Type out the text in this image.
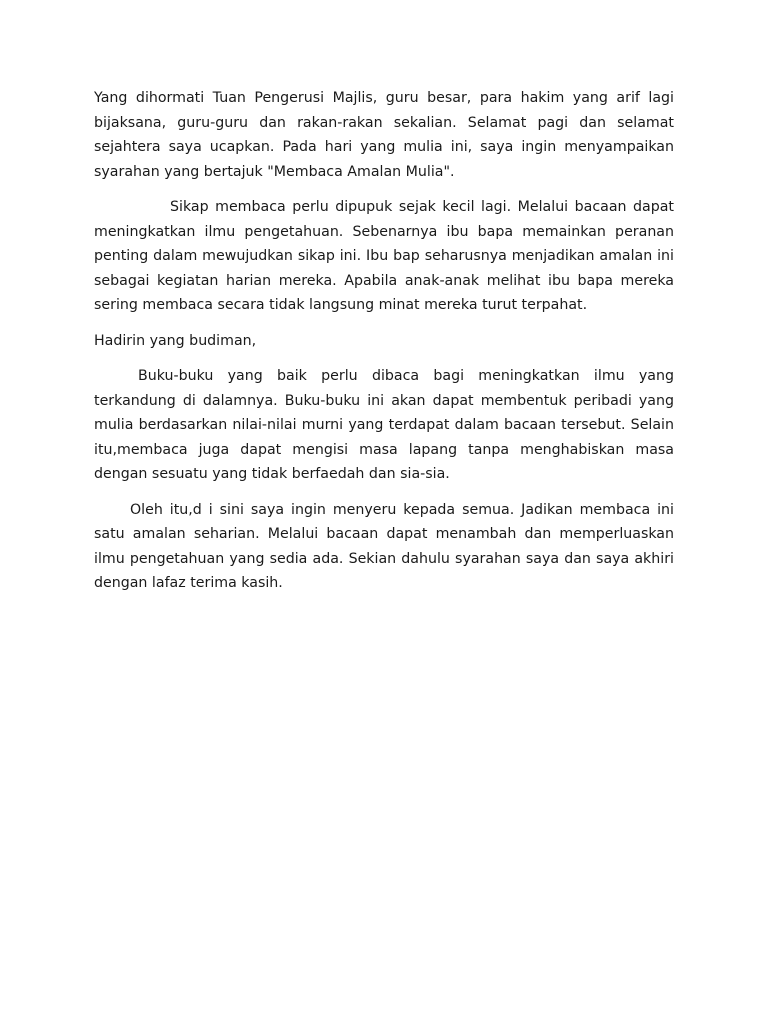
Yang dihormati Tuan Pengerusi Majlis, guru besar, para hakim yang arif lagi bijaksana, guru-guru dan rakan-rakan sekalian. Selamat pagi dan selamat sejahtera saya ucapkan. Pada hari yang mulia ini, saya ingin menyampaikan syarahan yang bertajuk "Membaca Amalan Mulia".

Sikap membaca perlu dipupuk sejak kecil lagi. Melalui bacaan dapat meningkatkan ilmu pengetahuan. Sebenarnya ibu bapa memainkan peranan penting dalam mewujudkan sikap ini. Ibu bap seharusnya menjadikan amalan ini sebagai kegiatan harian mereka. Apabila anak-anak melihat ibu bapa mereka sering membaca secara tidak langsung minat mereka turut terpahat.

Hadirin yang budiman,

Buku-buku yang baik perlu dibaca bagi meningkatkan ilmu yang terkandung di dalamnya. Buku-buku ini akan dapat membentuk peribadi yang mulia berdasarkan nilai-nilai murni yang terdapat dalam bacaan tersebut. Selain itu,membaca juga dapat mengisi masa lapang tanpa menghabiskan masa dengan sesuatu yang tidak berfaedah dan sia-sia.

Oleh itu,d i sini saya ingin menyeru kepada semua. Jadikan membaca ini satu amalan seharian. Melalui bacaan dapat menambah dan memperluaskan ilmu pengetahuan yang sedia ada. Sekian dahulu syarahan saya dan saya akhiri dengan lafaz terima kasih.
